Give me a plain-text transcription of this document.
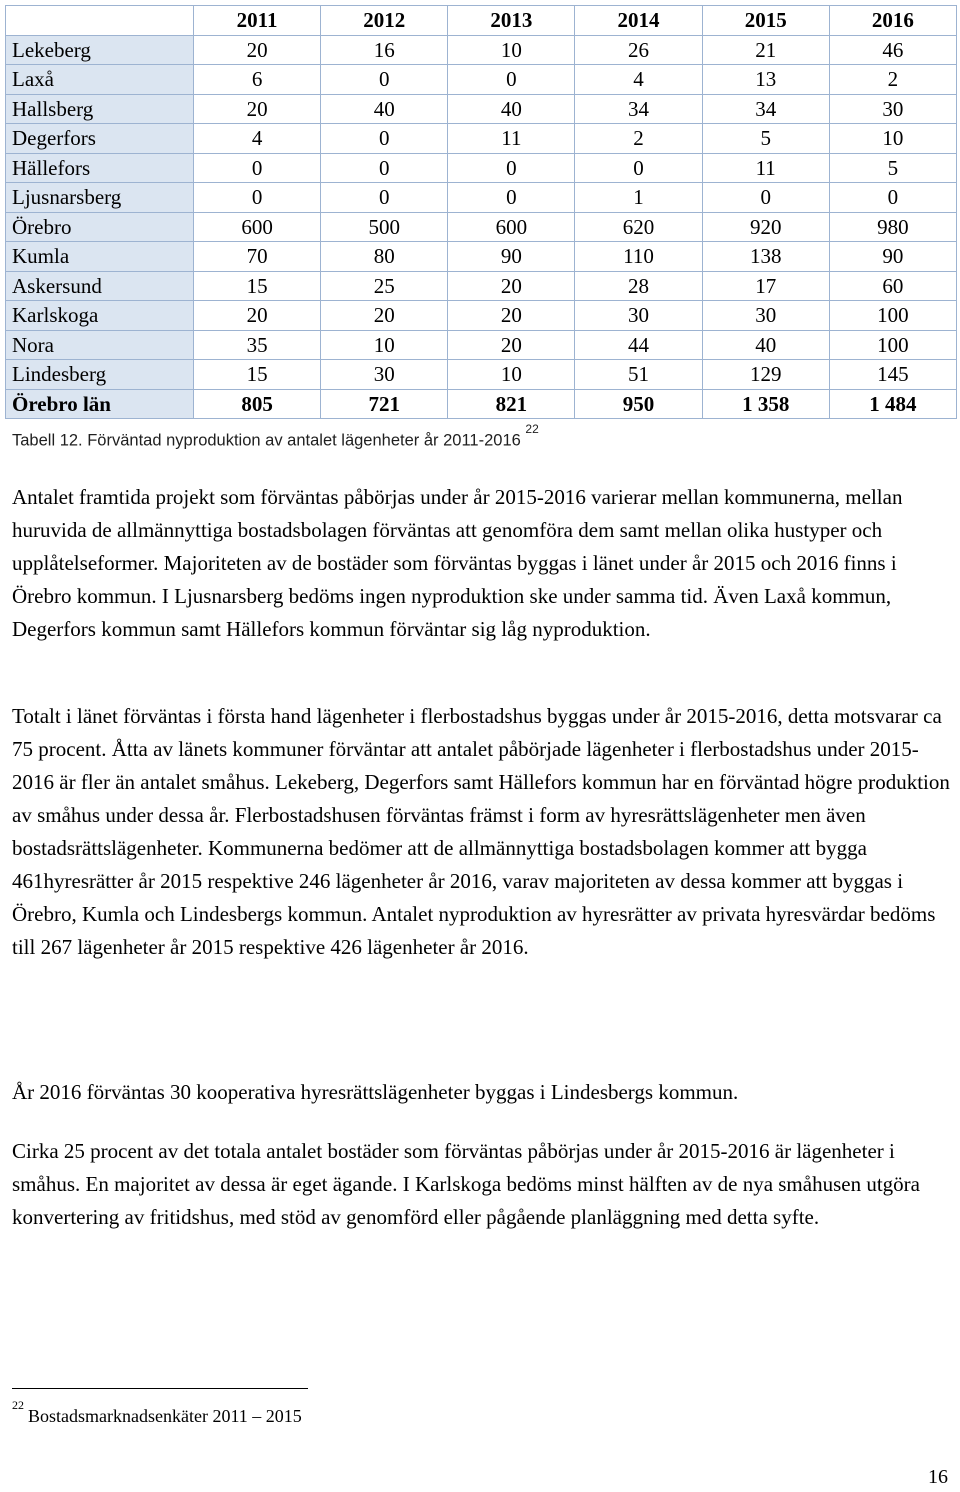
	2011	2012	2013	2014	2015	2016
Lekeberg	20	16	10	26	21	46
Laxå	6	0	0	4	13	2
Hallsberg	20	40	40	34	34	30
Degerfors	4	0	11	2	5	10
Hällefors	0	0	0	0	11	5
Ljusnarsberg	0	0	0	1	0	0
Örebro	600	500	600	620	920	980
Kumla	70	80	90	110	138	90
Askersund	15	25	20	28	17	60
Karlskoga	20	20	20	30	30	100
Nora	35	10	20	44	40	100
Lindesberg	15	30	10	51	129	145
Örebro län	805	721	821	950	1 358	1 484
Tabell 12. Förväntad nyproduktion av antalet lägenheter år 2011-2016 $^{22}$

Antalet framtida projekt som förväntas påbörjas under år 2015-2016 varierar mellan kommunerna, mellan huruvida de allmännyttiga bostadsbolagen förväntas att genomföra dem samt mellan olika hustyper och upplåtelseformer. Majoriteten av de bostäder som förväntas byggas i länet under år 2015 och 2016 finns i Örebro kommun. I Ljusnarsberg bedöms ingen nyproduktion ske under samma tid. Även Laxå kommun, Degerfors kommun samt Hällefors kommun förväntar sig låg nyproduktion.

Totalt i länet förväntas i första hand lägenheter i flerbostadshus byggas under år 2015-2016, detta motsvarar ca 75 procent. Åtta av länets kommuner förväntar att antalet påbörjade lägenheter i flerbostadshus under 2015-2016 är fler än antalet småhus. Lekeberg, Degerfors samt Hällefors kommun har en förväntad högre produktion av småhus under dessa år. Flerbostadshusen förväntas främst i form av hyresrättslägenheter men även bostadsrättslägenheter. Kommunerna bedömer att de allmännyttiga bostadsbolagen kommer att bygga 461hyresrätter år 2015 respektive 246 lägenheter år 2016, varav majoriteten av dessa kommer att byggas i Örebro, Kumla och Lindesbergs kommun. Antalet nyproduktion av hyresrätter av privata hyresvärdar bedöms till 267 lägenheter år 2015 respektive 426 lägenheter år 2016.

År 2016 förväntas 30 kooperativa hyresrättslägenheter byggas i Lindesbergs kommun.

Cirka 25 procent av det totala antalet bostäder som förväntas påbörjas under år 2015-2016 är lägenheter i småhus. En majoritet av dessa är eget ägande. I Karlskoga bedöms minst hälften av de nya småhusen utgöra konvertering av fritidshus, med stöd av genomförd eller pågående planläggning med detta syfte.

$^{22}$Bostadsmarknadsenkäter 2011 – 2015
16
